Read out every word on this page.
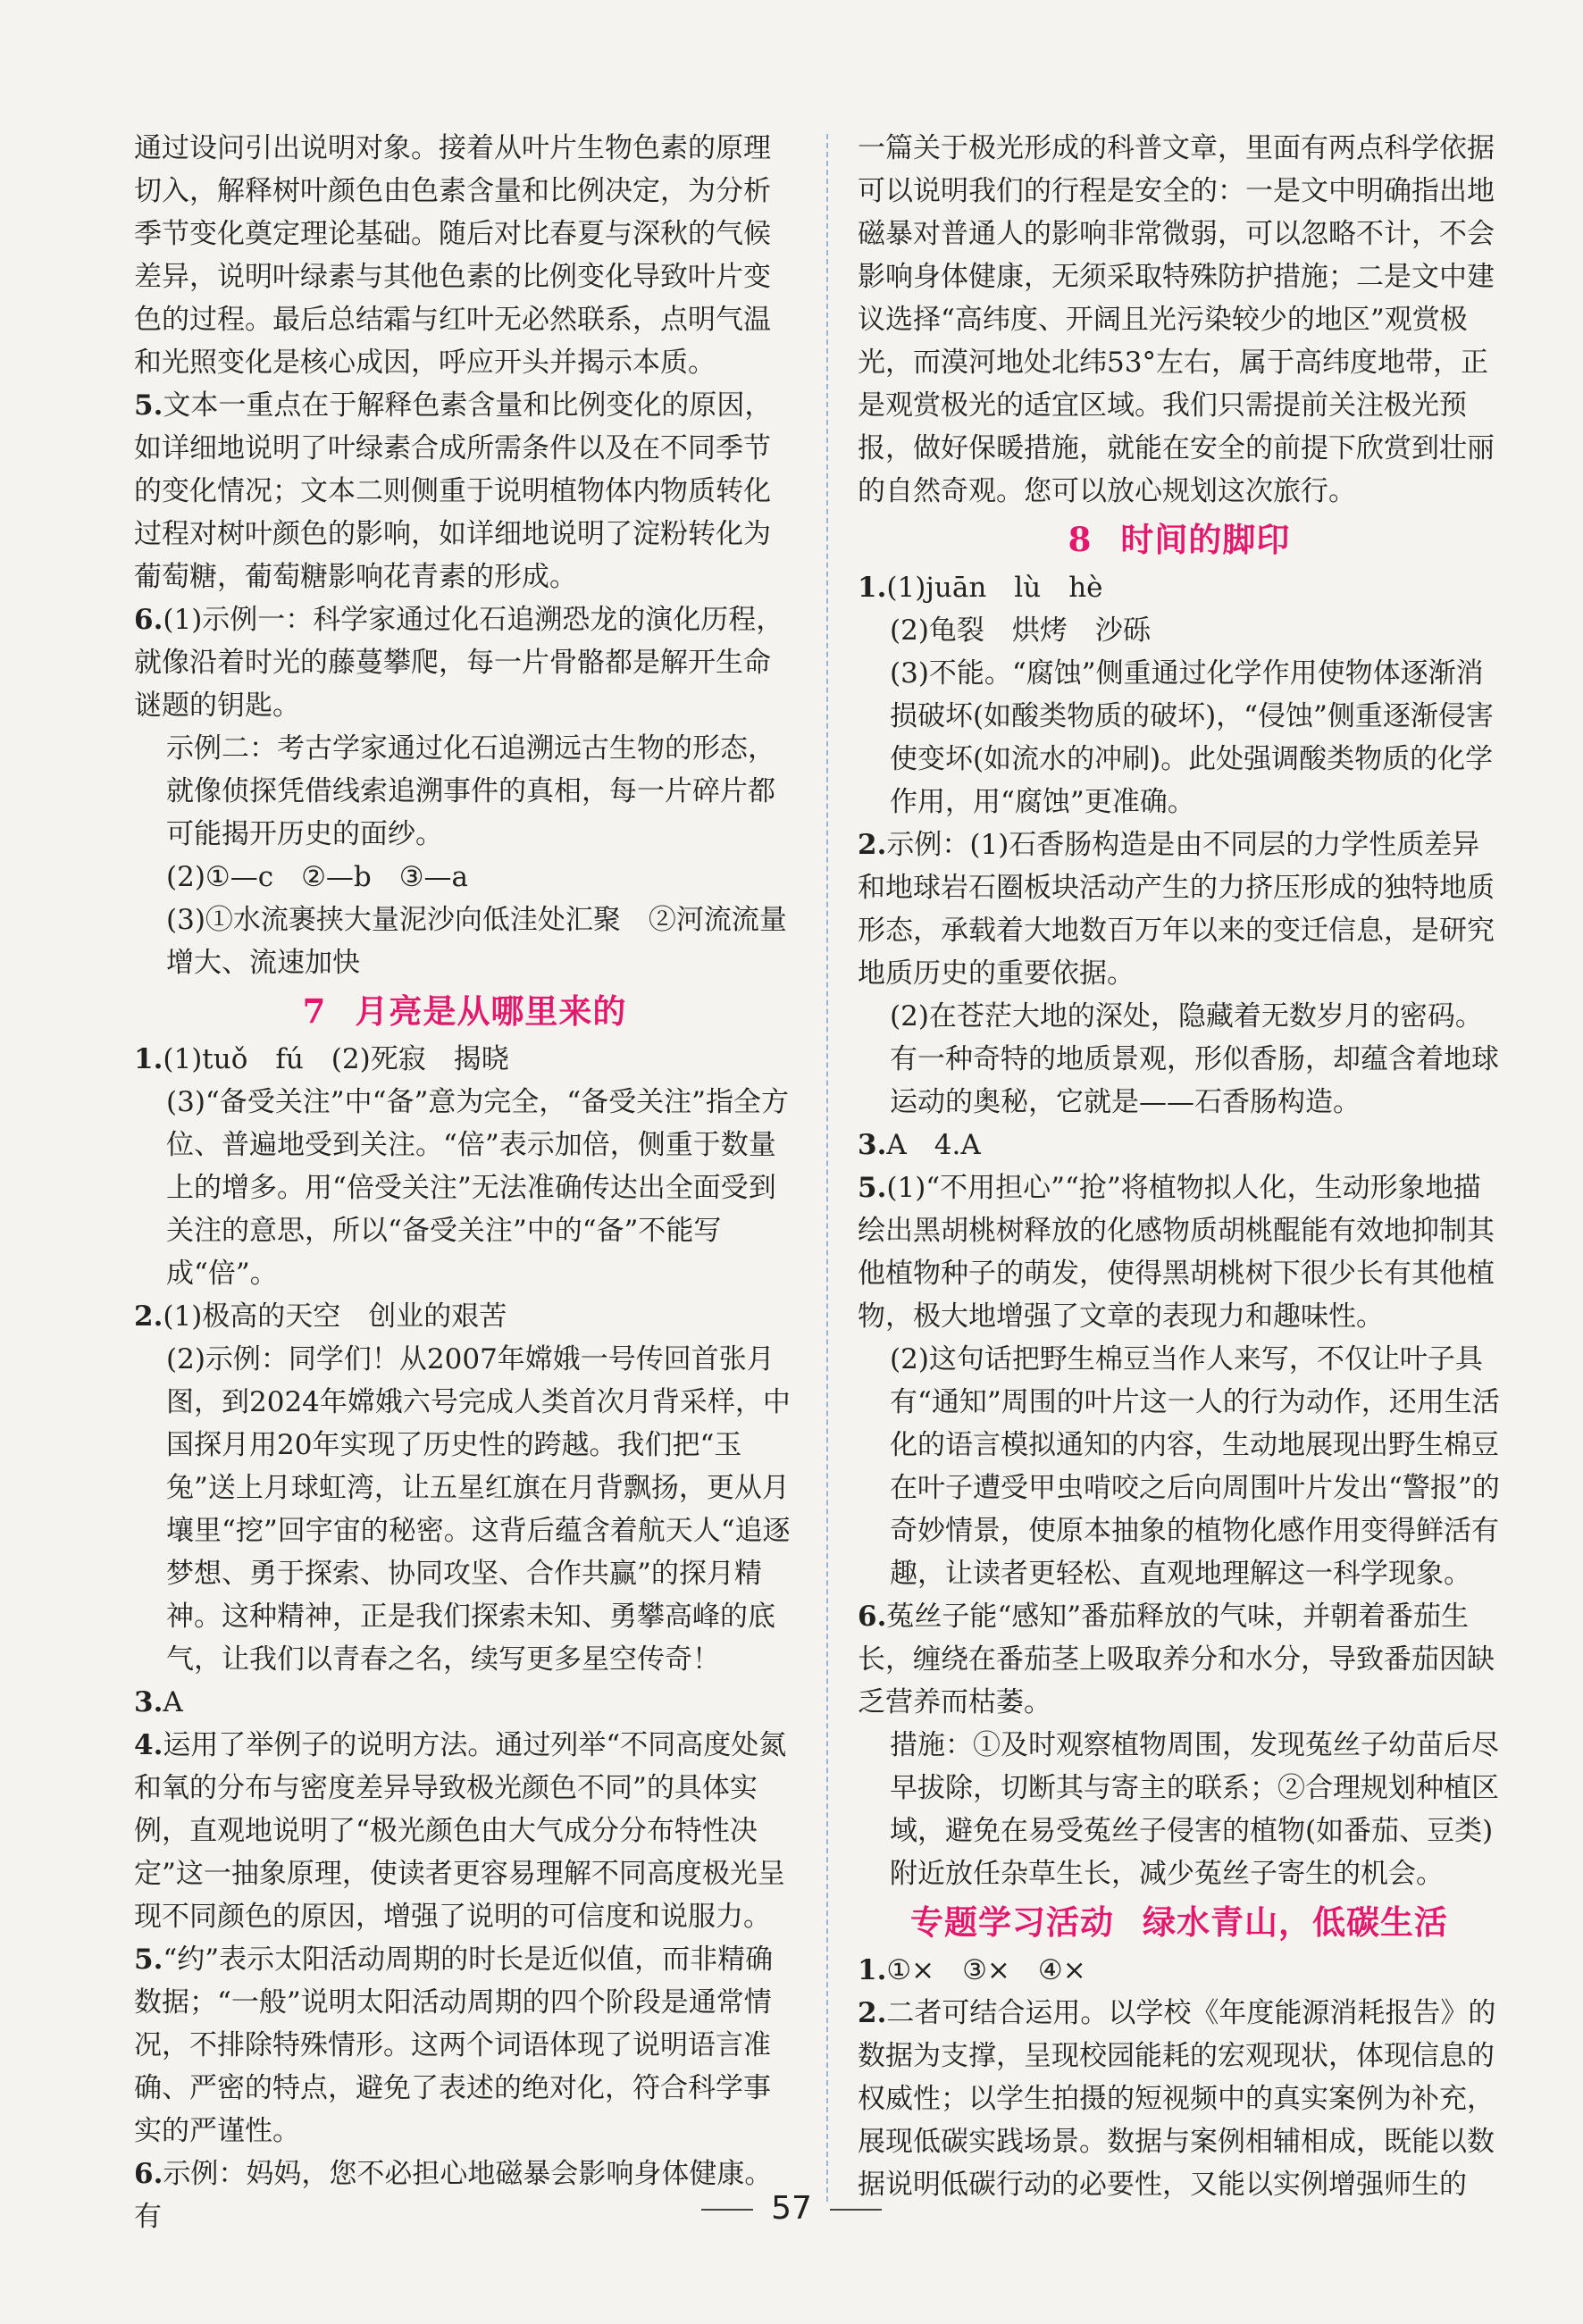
通过设问引出说明对象。接着从叶片生物色素的原理切入，解释树叶颜色由色素含量和比例决定，为分析季节变化奠定理论基础。随后对比春夏与深秋的气候差异，说明叶绿素与其他色素的比例变化导致叶片变色的过程。最后总结霜与红叶无必然联系，点明气温和光照变化是核心成因，呼应开头并揭示本质。

5.文本一重点在于解释色素含量和比例变化的原因，如详细地说明了叶绿素合成所需条件以及在不同季节的变化情况；文本二则侧重于说明植物体内物质转化过程对树叶颜色的影响，如详细地说明了淀粉转化为葡萄糖，葡萄糖影响花青素的形成。

6.(1)示例一：科学家通过化石追溯恐龙的演化历程，就像沿着时光的藤蔓攀爬，每一片骨骼都是解开生命谜题的钥匙。

示例二：考古学家通过化石追溯远古生物的形态，就像侦探凭借线索追溯事件的真相，每一片碎片都可能揭开历史的面纱。

(2)①—c　②—b　③—a

(3)①水流裹挟大量泥沙向低洼处汇聚　②河流流量增大、流速加快

7 月亮是从哪里来的

1.(1)tuǒ　fú　(2)死寂　揭晓

(3)“备受关注”中“备”意为完全，“备受关注”指全方位、普遍地受到关注。“倍”表示加倍，侧重于数量上的增多。用“倍受关注”无法准确传达出全面受到关注的意思，所以“备受关注”中的“备”不能写成“倍”。

2.(1)极高的天空　创业的艰苦

(2)示例：同学们！从2007年嫦娥一号传回首张月图，到2024年嫦娥六号完成人类首次月背采样，中国探月用20年实现了历史性的跨越。我们把“玉兔”送上月球虹湾，让五星红旗在月背飘扬，更从月壤里“挖”回宇宙的秘密。这背后蕴含着航天人“追逐梦想、勇于探索、协同攻坚、合作共赢”的探月精神。这种精神，正是我们探索未知、勇攀高峰的底气，让我们以青春之名，续写更多星空传奇！

3.A

4.运用了举例子的说明方法。通过列举“不同高度处氮和氧的分布与密度差异导致极光颜色不同”的具体实例，直观地说明了“极光颜色由大气成分分布特性决定”这一抽象原理，使读者更容易理解不同高度极光呈现不同颜色的原因，增强了说明的可信度和说服力。

5.“约”表示太阳活动周期的时长是近似值，而非精确数据；“一般”说明太阳活动周期的四个阶段是通常情况，不排除特殊情形。这两个词语体现了说明语言准确、严密的特点，避免了表述的绝对化，符合科学事实的严谨性。

6.示例：妈妈，您不必担心地磁暴会影响身体健康。有

一篇关于极光形成的科普文章，里面有两点科学依据可以说明我们的行程是安全的：一是文中明确指出地磁暴对普通人的影响非常微弱，可以忽略不计，不会影响身体健康，无须采取特殊防护措施；二是文中建议选择“高纬度、开阔且光污染较少的地区”观赏极光，而漠河地处北纬53°左右，属于高纬度地带，正是观赏极光的适宜区域。我们只需提前关注极光预报，做好保暖措施，就能在安全的前提下欣赏到壮丽的自然奇观。您可以放心规划这次旅行。

8 时间的脚印

1.(1)juān　lù　hè

(2)龟裂　烘烤　沙砾

(3)不能。“腐蚀”侧重通过化学作用使物体逐渐消损破坏(如酸类物质的破坏)，“侵蚀”侧重逐渐侵害使变坏(如流水的冲刷)。此处强调酸类物质的化学作用，用“腐蚀”更准确。

2.示例：(1)石香肠构造是由不同层的力学性质差异和地球岩石圈板块活动产生的力挤压形成的独特地质形态，承载着大地数百万年以来的变迁信息，是研究地质历史的重要依据。

(2)在苍茫大地的深处，隐藏着无数岁月的密码。有一种奇特的地质景观，形似香肠，却蕴含着地球运动的奥秘，它就是——石香肠构造。

3.A　4.A

5.(1)“不用担心”“抢”将植物拟人化，生动形象地描绘出黑胡桃树释放的化感物质胡桃醌能有效地抑制其他植物种子的萌发，使得黑胡桃树下很少长有其他植物，极大地增强了文章的表现力和趣味性。

(2)这句话把野生棉豆当作人来写，不仅让叶子具有“通知”周围的叶片这一人的行为动作，还用生活化的语言模拟通知的内容，生动地展现出野生棉豆在叶子遭受甲虫啃咬之后向周围叶片发出“警报”的奇妙情景，使原本抽象的植物化感作用变得鲜活有趣，让读者更轻松、直观地理解这一科学现象。

6.菟丝子能“感知”番茄释放的气味，并朝着番茄生长，缠绕在番茄茎上吸取养分和水分，导致番茄因缺乏营养而枯萎。

措施：①及时观察植物周围，发现菟丝子幼苗后尽早拔除，切断其与寄主的联系；②合理规划种植区域，避免在易受菟丝子侵害的植物(如番茄、豆类)附近放任杂草生长，减少菟丝子寄生的机会。

专题学习活动 绿水青山，低碳生活

1.①×　③×　④×

2.二者可结合运用。以学校《年度能源消耗报告》的数据为支撑，呈现校园能耗的宏观现状，体现信息的权威性；以学生拍摄的短视频中的真实案例为补充，展现低碳实践场景。数据与案例相辅相成，既能以数据说明低碳行动的必要性，又能以实例增强师生的

57
